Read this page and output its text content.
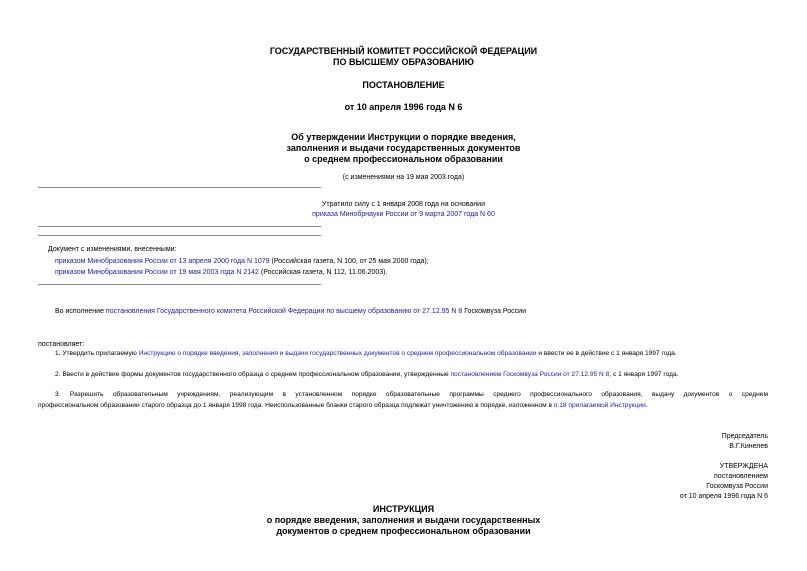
ГОСУДАРСТВЕННЫЙ КОМИТЕТ РОССИЙСКОЙ ФЕДЕРАЦИИ
ПО ВЫСШЕМУ ОБРАЗОВАНИЮ
ПОСТАНОВЛЕНИЕ
от 10 апреля 1996 года N 6
Об утверждении Инструкции о порядке введения,
заполнения и выдачи государственных документов
о среднем профессиональном образовании
(с изменениями на 19 мая 2003 года)
Утратило силу с 1 января 2008 года на основании
приказа Минобрнауки России от 9 марта 2007 года N 60
Документ с изменениями, внесенными:
приказом Минобразования России от 13 апреля 2000 года N 1079 (Российская газета, N 100, от 25 мая 2000 года);
приказом Минобразования России от 19 мая 2003 года N 2142 (Российская газета, N 112, 11.06.2003).
Во исполнение постановления Государственного комитета Российской Федерации по высшему образованию от 27.12.95 N 8 Госкомвуза России
постановляет:
1. Утвердить прилагаемую Инструкцию о порядке введения, заполнения и выдачи государственных документов о среднем профессиональном образовании и ввести ее в действие с 1 января 1997 года.
2. Ввести в действие формы документов государственного образца о среднем профессиональном образовании, утвержденные постановлением Госкомвуза России от 27.12.95 N 8, с 1 января 1997 года.
3. Разрешить образовательным учреждениям, реализующим в установленном порядке образовательные программы среднего профессионального образования, выдачу документов о среднем
профессиональном образовании старого образца до 1 января 1998 года. Неиспользованные бланки старого образца подлежат уничтожению в порядке, изложенном в п.18 прилагаемой Инструкции.
Председатель
В.Г.Кинелев
УТВЕРЖДЕНА
постановлением
Госкомвуза России
от 10 апреля 1996 года N 6
ИНСТРУКЦИЯ
о порядке введения, заполнения и выдачи государственных
документов о среднем профессиональном образовании
